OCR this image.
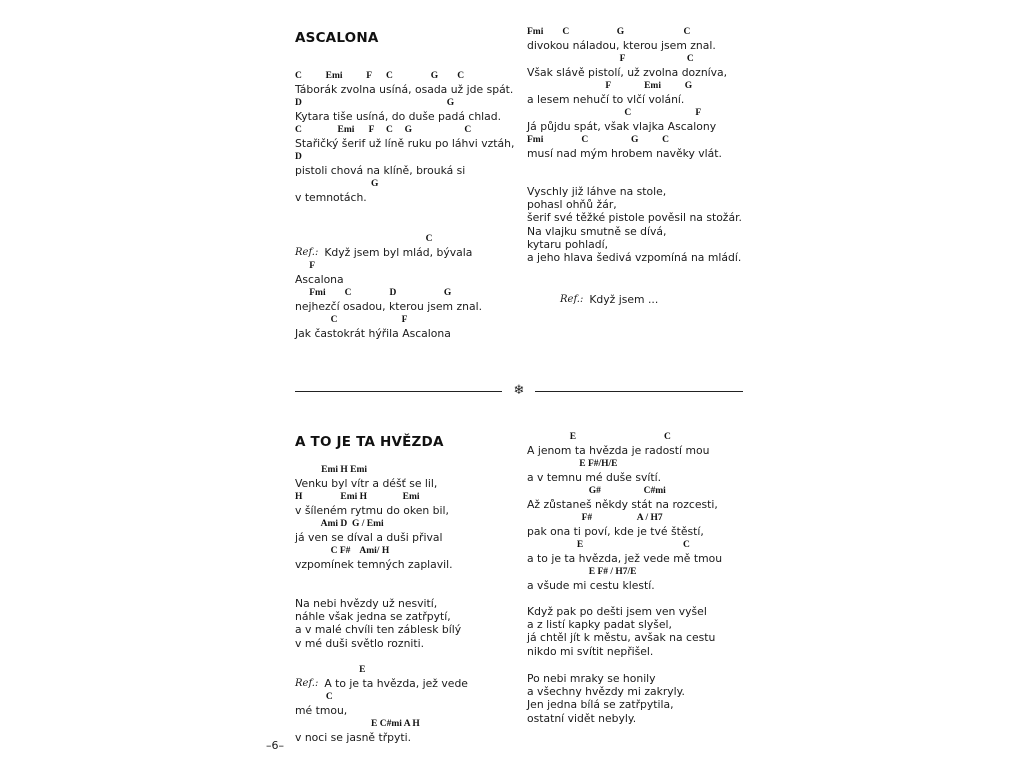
ASCALONA
C          Emi          F      C                G        C
Táborák zvolna usíná, osada už jde spát.
D                                                             G
Kytara tiše usíná, do duše padá chlad.
C               Emi      F     C     G                      C
Stařičký šerif už líně ruku po láhvi vztáh,
D
pistoli chová na klíně, brouká si
G
v temnotách.
C
Ref.: Když jsem byl mlád, bývala
F
Ascalona
Fmi        C                D                    G
nejhezčí osadou, kterou jsem znal.
C                           F
Jak častokrát hýřila Ascalona
Fmi        C                    G                         C
divokou náladou, kterou jsem znal.
F                          C
Však slávě pistolí, už zvolna dozníva,
F              Emi          G
a lesem nehučí to vlčí volání.
C                           F
Já půjdu spát, však vlajka Ascalony
Fmi                C                  G          C
musí nad mým hrobem navěky vlát.
Vyschly již láhve na stole,
pohasl ohňů žár,
šerif své těžké pistole pověsil na stožár.
Na vlajku smutně se dívá,
kytaru pohladí,
a jeho hlava šedivá vzpomíná na mládí.
Ref.: Když jsem ...
❄
A TO JE TA HVĚZDA
Emi H Emi
Venku byl vítr a déšť se lil,
H                Emi H               Emi
v šíleném rytmu do oken bil,
Ami D  G / Emi
já ven se díval a duši přival
C F#    Ami/ H
vzpomínek temných zaplavil.
Na nebi hvězdy už nesvití,
náhle však jedna se zatřpytí,
a v malé chvíli ten záblesk bílý
v mé duši světlo rozniti.
E
Ref.: A to je ta hvězda, jež vede
C
mé tmou,
E C#mi A H
v noci se jasně třpyti.
E                                     C
A jenom ta hvězda je radostí mou
E F#/H/E
a v temnu mé duše svítí.
G#                  C#mi
Až zůstaneš někdy stát na rozcesti,
F#                   A / H7
pak ona ti poví, kde je tvé štěstí,
E                                          C
a to je ta hvězda, jež vede mě tmou
E F# / H7/E
a všude mi cestu klestí.
Když pak po dešti jsem ven vyšel
a z listí kapky padat slyšel,
já chtěl jít k městu, avšak na cestu
nikdo mi svítit nepřišel.
Po nebi mraky se honily
a všechny hvězdy mi zakryly.
Jen jedna bílá se zatřpytila,
ostatní vidět nebyly.
–6–
